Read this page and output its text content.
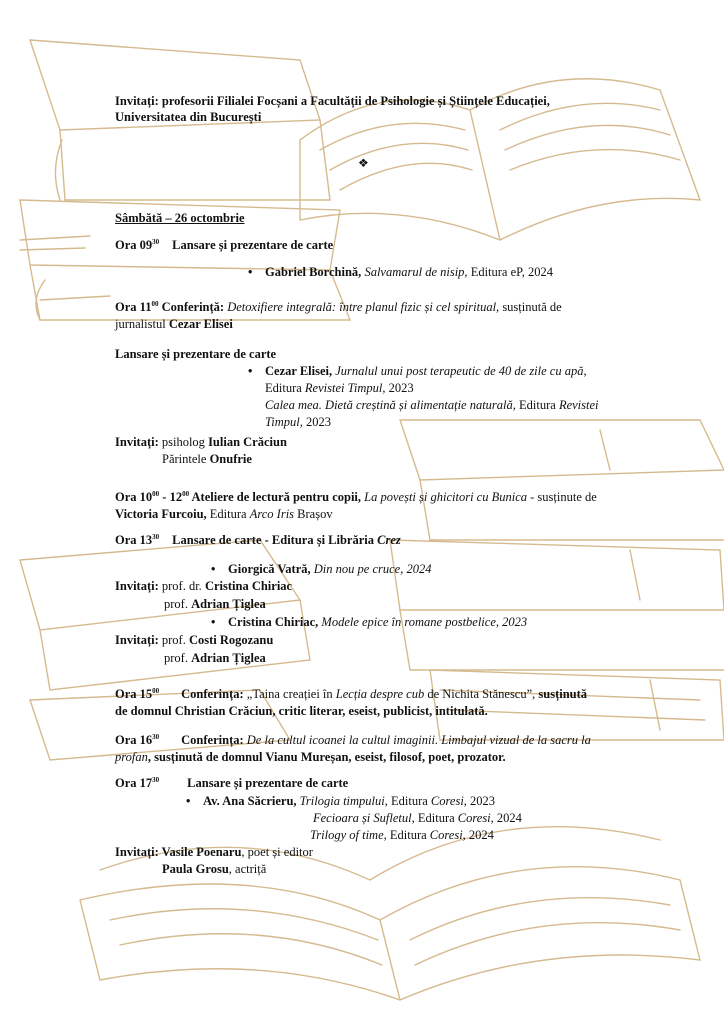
Invitați: profesorii Filialei Focșani a Facultății de Psihologie și Științele Educației,
Universitatea din București
❖
Sâmbătă – 26 octombrie
Ora $09^{30}$ Lansare și prezentare de carte
• Gabriel Borchină, Salvamarul de nisip, Editura eP, 2024
Ora $11^{00}$ Conferință: Detoxifiere integrală: între planul fizic și cel spiritual, susținută de
jurnalistul Cezar Elisei
Lansare și prezentare de carte
• Cezar Elisei, Jurnalul unui post terapeutic de 40 de zile cu apă,
Editura Revistei Timpul, 2023
Calea mea. Dietă creștină și alimentație naturală, Editura Revistei
Timpul, 2023
Invitați: psiholog Iulian Crăciun
Părintele Onufrie
Ora $10^{00} - 12^{00}$ Ateliere de lectură pentru copii, La povești și ghicitori cu Bunica - susținute de
Victoria Furcoiu, Editura Arco Iris Brașov
Ora $13^{30}$ Lansare de carte - Editura și Librăria Crez
• Giorgică Vatră, Din nou pe cruce, 2024
Invitați: prof. dr. Cristina Chiriac
prof. Adrian Țiglea
• Cristina Chiriac, Modele epice în romane postbelice, 2023
Invitați: prof. Costi Rogozanu
prof. Adrian Țiglea
Ora $15^{00}$ Conferința: „Taina creației în Lecția despre cub de Nichita Stănescu”, susținută
de domnul Christian Crăciun, critic literar, eseist, publicist, intitulată.
Ora $16^{30}$ Conferința: De la cultul icoanei la cultul imaginii. Limbajul vizual de la sacru la
profan, susținută de domnul Vianu Mureșan, eseist, filosof, poet, prozator.
Ora $17^{30}$ Lansare și prezentare de carte
• Av. Ana Săcrieru, Trilogia timpului, Editura Coresi, 2023
Fecioara și Sufletul, Editura Coresi, 2024
Trilogy of time, Editura Coresi, 2024
Invitați: Vasile Poenaru, poet și editor
Paula Grosu, actriță
